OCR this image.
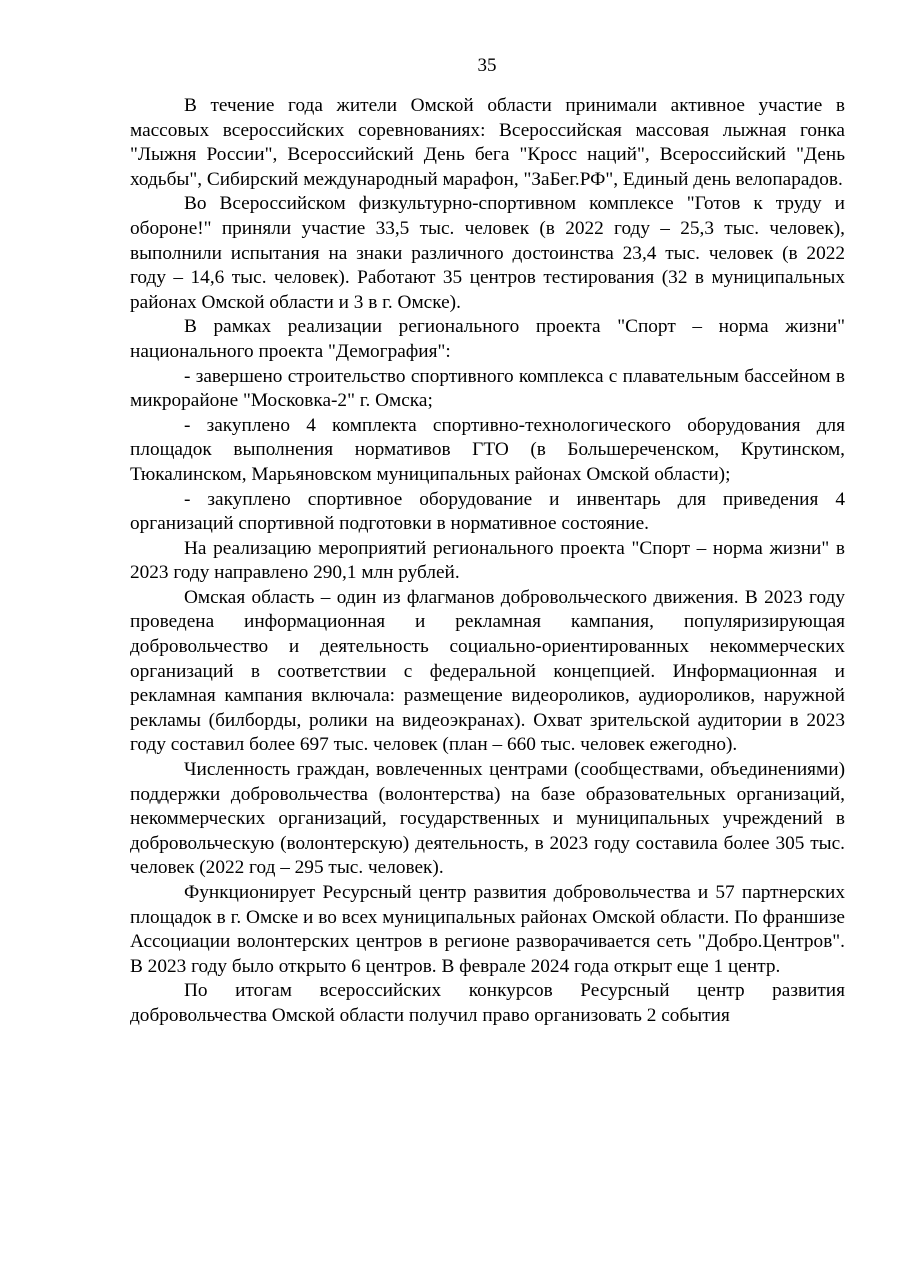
35

В течение года жители Омской области принимали активное участие в массовых всероссийских соревнованиях: Всероссийская массовая лыжная гонка "Лыжня России", Всероссийский День бега "Кросс наций", Всероссийский "День ходьбы", Сибирский международный марафон, "ЗаБег.РФ", Единый день велопарадов.

Во Всероссийском физкультурно-спортивном комплексе "Готов к труду и обороне!" приняли участие 33,5 тыс. человек (в 2022 году – 25,3 тыс. человек), выполнили испытания на знаки различного достоинства 23,4 тыс. человек (в 2022 году – 14,6 тыс. человек). Работают 35 центров тестирования (32 в муниципальных районах Омской области и 3 в г. Омске).

В рамках реализации регионального проекта "Спорт – норма жизни" национального проекта "Демография":

- завершено строительство спортивного комплекса с плавательным бассейном в микрорайоне "Московка-2" г. Омска;

- закуплено 4 комплекта спортивно-технологического оборудования для площадок выполнения нормативов ГТО (в Большереченском, Крутинском, Тюкалинском, Марьяновском муниципальных районах Омской области);

- закуплено спортивное оборудование и инвентарь для приведения 4 организаций спортивной подготовки в нормативное состояние.

На реализацию мероприятий регионального проекта "Спорт – норма жизни" в 2023 году направлено 290,1 млн рублей.

Омская область – один из флагманов добровольческого движения. В 2023 году проведена информационная и рекламная кампания, популяризирующая добровольчество и деятельность социально-ориентированных некоммерческих организаций в соответствии с федеральной концепцией. Информационная и рекламная кампания включала: размещение видеороликов, аудиороликов, наружной рекламы (билборды, ролики на видеоэкранах). Охват зрительской аудитории в 2023 году составил более 697 тыс. человек (план – 660 тыс. человек ежегодно).

Численность граждан, вовлеченных центрами (сообществами, объединениями) поддержки добровольчества (волонтерства) на базе образовательных организаций, некоммерческих организаций, государственных и муниципальных учреждений в добровольческую (волонтерскую) деятельность, в 2023 году составила более 305 тыс. человек (2022 год – 295 тыс. человек).

Функционирует Ресурсный центр развития добровольчества и 57 партнерских площадок в г. Омске и во всех муниципальных районах Омской области. По франшизе Ассоциации волонтерских центров в регионе разворачивается сеть "Добро.Центров". В 2023 году было открыто 6 центров. В феврале 2024 года открыт еще 1 центр.

По итогам всероссийских конкурсов Ресурсный центр развития добровольчества Омской области получил право организовать 2 события
